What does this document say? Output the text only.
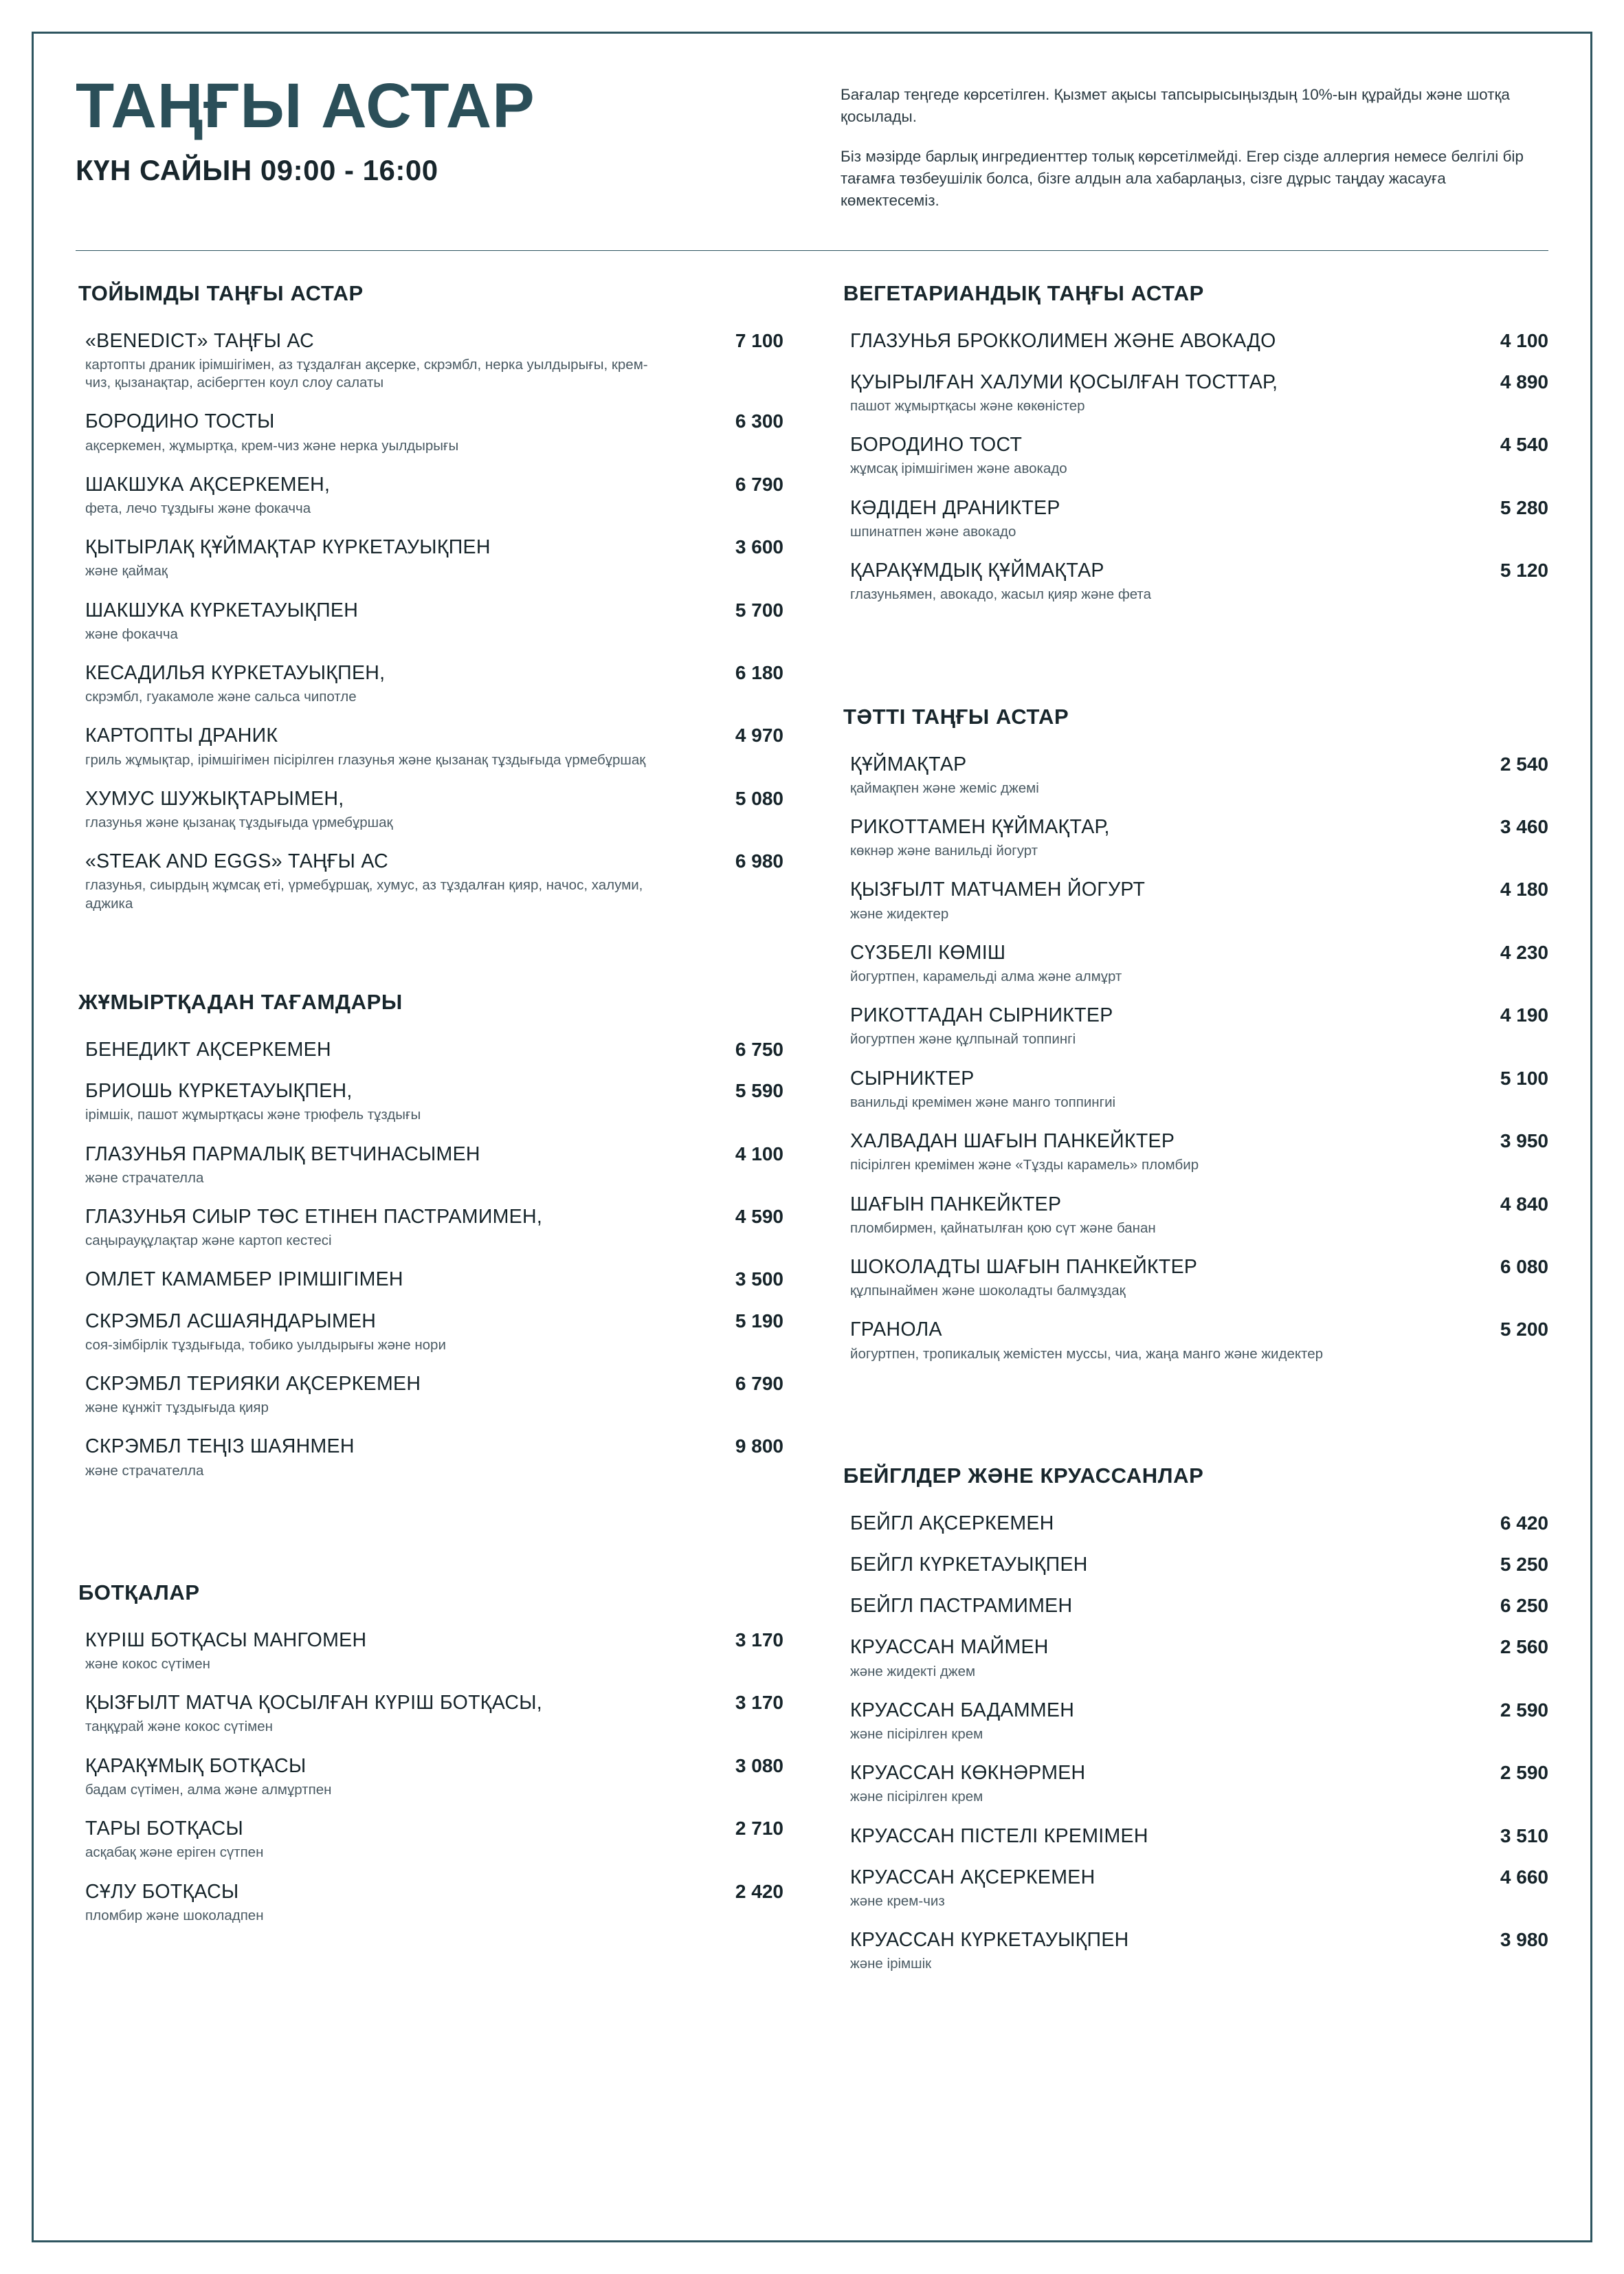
ТАҢҒЫ АСТАР
КҮН САЙЫН 09:00 - 16:00

Бағалар теңгеде көрсетілген. Қызмет ақысы тапсырысыңыздың 10%-ын құрайды және шотқа қосылады.

Біз мәзірде барлық ингредиенттер толық көрсетілмейді. Егер сізде аллергия немесе белгілі бір тағамға төзбеушілік болса, бізге алдын ала хабарлаңыз, сізге дұрыс таңдау жасауға көмектесеміз.

ТОЙЫМДЫ ТАҢҒЫ АСТАР
«BENEDICT» ТАҢҒЫ АС
картопты драник ірімшігімен, аз тұздалған ақсерке, скрэмбл, нерка уылдырығы, крем-чиз, қызанақтар, асібергтен коул слоу салаты
7 100
БОРОДИНО ТОСТЫ
ақсеркемен, жұмыртқа, крем-чиз және нерка уылдырығы
6 300
ШАКШУКА АҚСЕРКЕМЕН,
фета, лечо тұздығы және фокачча
6 790
ҚЫТЫРЛАҚ ҚҰЙМАҚТАР КҮРКЕТАУЫҚПЕН
және қаймақ
3 600
ШАКШУКА КҮРКЕТАУЫҚПЕН
және фокачча
5 700
КЕСАДИЛЬЯ КҮРКЕТАУЫҚПЕН,
скрэмбл, гуакамоле және сальса чипотле
6 180
КАРТОПТЫ ДРАНИК
гриль жұмықтар, ірімшігімен пісірілген глазунья және қызанақ тұздығыда үрмебұршақ
4 970
ХУМУС ШУЖЫҚТАРЫМЕН,
глазунья және қызанақ тұздығыда үрмебұршақ
5 080
«STEAK AND EGGS» ТАҢҒЫ АС
глазунья, сиырдың жұмсақ еті, үрмебұршақ, хумус, аз тұздалған қияр, начос, халуми, аджика
6 980
ЖҰМЫРТҚАДАН ТАҒАМДАРЫ
БЕНЕДИКТ АҚСЕРКЕМЕН	6 750
БРИОШЬ КҮРКЕТАУЫҚПЕН,
ірімшік, пашот жұмыртқасы және трюфель тұздығы
5 590
ГЛАЗУНЬЯ ПАРМАЛЫҚ ВЕТЧИНАСЫМЕН
және страчателла
4 100
ГЛАЗУНЬЯ СИЫР ТӨС ЕТІНЕН ПАСТРАМИМЕН,
саңырауқұлақтар және картоп кестесі
4 590
ОМЛЕТ КАМАМБЕР ІРІМШІГІМЕН	3 500
СКРЭМБЛ АСШАЯНДАРЫМЕН
соя-зімбірлік тұздығыда, тобико уылдырығы және нори
5 190
СКРЭМБЛ ТЕРИЯКИ АҚСЕРКЕМЕН
және кұнжіт тұздығыда қияр
6 790
СКРЭМБЛ ТЕҢІЗ ШАЯНМЕН
және страчателла
9 800
БОТҚАЛАР
КҮРІШ БОТҚАСЫ МАНГОМЕН
және кокос сүтімен
3 170
ҚЫЗҒЫЛТ МАТЧА ҚОСЫЛҒАН КҮРІШ БОТҚАСЫ,
таңқұрай және кокос сүтімен
3 170
ҚАРАҚҰМЫҚ БОТҚАСЫ
бадам сүтімен, алма және алмұртпен
3 080
ТАРЫ БОТҚАСЫ
асқабақ және еріген сүтпен
2 710
СҰЛУ БОТҚАСЫ
пломбир және шоколадпен
2 420
ВЕГЕТАРИАНДЫҚ ТАҢҒЫ АСТАР
ГЛАЗУНЬЯ БРОККОЛИМЕН ЖӘНЕ АВОКАДО	4 100
ҚУЫРЫЛҒАН ХАЛУМИ ҚОСЫЛҒАН ТОСТТАР,
пашот жұмыртқасы және көкөністер
4 890
БОРОДИНО ТОСТ
жұмсақ ірімшігімен және авокадо
4 540
КӘДІДЕН ДРАНИКТЕР
шпинатпен және авокадо
5 280
ҚАРАҚҰМДЫҚ ҚҰЙМАҚТАР
глазуньямен, авокадо, жасыл қияр және фета
5 120
ТӘТТІ ТАҢҒЫ АСТАР
ҚҰЙМАҚТАР
қаймақпен және жеміс джемі
2 540
РИКОТТАМЕН ҚҰЙМАҚТАР,
көкнәр және ванильді йогурт
3 460
ҚЫЗҒЫЛТ МАТЧАМЕН ЙОГУРТ
және жидектер
4 180
СҮЗБЕЛІ КӨМІШ
йогуртпен, карамельді алма және алмұрт
4 230
РИКОТТАДАН СЫРНИКТЕР
йогуртпен және құлпынай топпингі
4 190
СЫРНИКТЕР
ванильді кремімен және манго топпингиі
5 100
ХАЛВАДАН ШАҒЫН ПАНКЕЙКТЕР
пісірілген кремімен және «Тұзды карамель» пломбир
3 950
ШАҒЫН ПАНКЕЙКТЕР
пломбирмен, қайнатылған қою сүт және банан
4 840
ШОКОЛАДТЫ ШАҒЫН ПАНКЕЙКТЕР
құлпынаймен және шоколадты балмұздақ
6 080
ГРАНОЛА
йогуртпен, тропикалық жемістен муссы, чиа, жаңа манго және жидектер
5 200
БЕЙГЛДЕР ЖӘНЕ КРУАССАНЛАР
БЕЙГЛ АҚСЕРКЕМЕН	6 420
БЕЙГЛ КҮРКЕТАУЫҚПЕН	5 250
БЕЙГЛ ПАСТРАМИМЕН	6 250
КРУАССАН МАЙМЕН
және жидекті джем
2 560
КРУАССАН БАДАММЕН
және пісірілген крем
2 590
КРУАССАН КӨКНӘРМЕН
және пісірілген крем
2 590
КРУАССАН ПІСТЕЛІ КРЕМІМЕН	3 510
КРУАССАН АҚСЕРКЕМЕН
және крем-чиз
4 660
КРУАССАН КҮРКЕТАУЫҚПЕН
және ірімшік
3 980
